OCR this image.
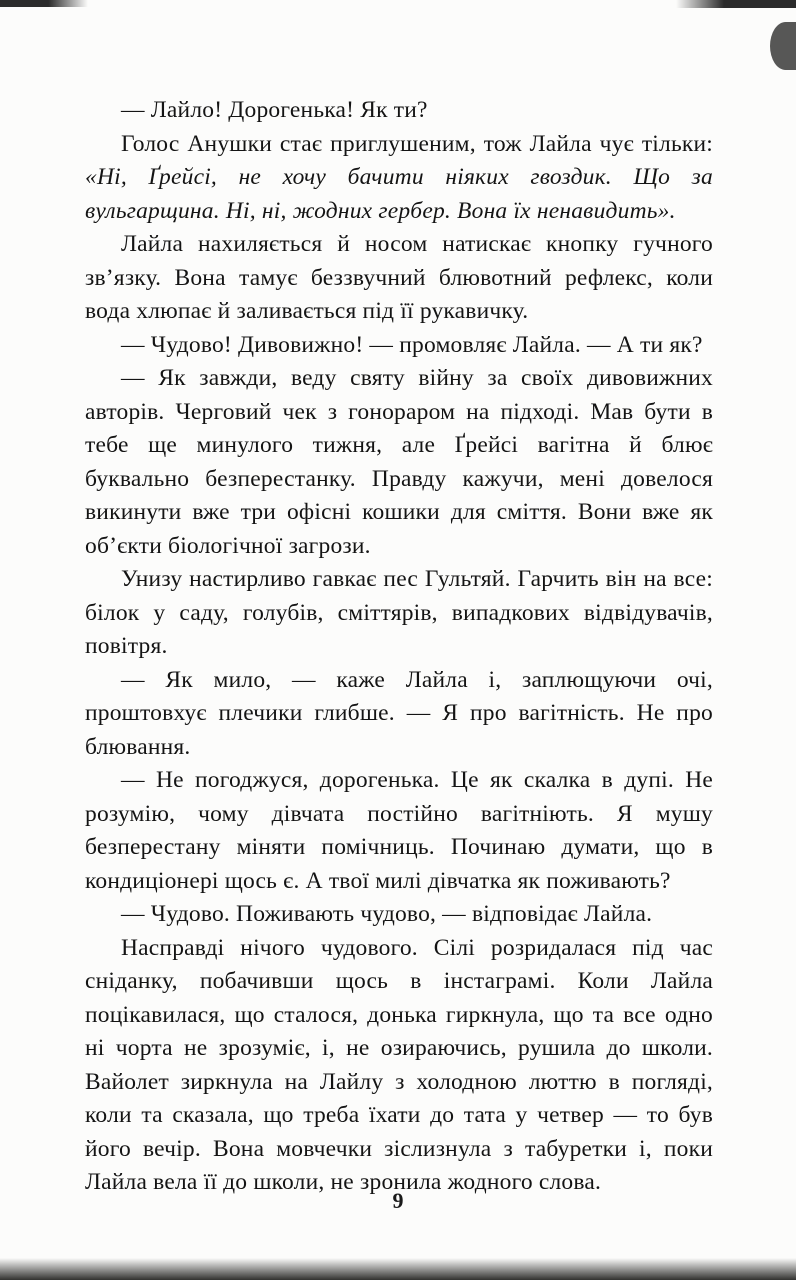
— Лайло! Дорогенька! Як ти?

Голос Анушки стає приглушеним, тож Лайла чує тільки: «Ні, Ґрейсі, не хочу бачити ніяких гвоздик. Що за вульгарщина. Ні, ні, жодних гербер. Вона їх ненавидить».

Лайла нахиляється й носом натискає кнопку гучного зв’язку. Вона тамує беззвучний блювотний рефлекс, коли вода хлюпає й заливається під її рукавичку.

— Чудово! Дивовижно! — промовляє Лайла. — А ти як?

— Як завжди, веду святу війну за своїх дивовижних авторів. Черговий чек з гонораром на підході. Мав бути в тебе ще минулого тижня, але Ґрейсі вагітна й блює буквально безперестанку. Правду кажучи, мені довелося викинути вже три офісні кошики для сміття. Вони вже як об’єкти біологічної загрози.

Унизу настирливо гавкає пес Гультяй. Гарчить він на все: білок у саду, голубів, сміттярів, випадкових відвідувачів, повітря.

— Як мило, — каже Лайла і, заплющуючи очі, проштовхує плечики глибше. — Я про вагітність. Не про блювання.

— Не погоджуся, дорогенька. Це як скалка в дупі. Не розумію, чому дівчата постійно вагітніють. Я мушу безперестану міняти помічниць. Починаю думати, що в кондиціонері щось є. А твої милі дівчатка як поживають?

— Чудово. Поживають чудово, — відповідає Лайла.

Насправді нічого чудового. Сілі розридалася під час сніданку, побачивши щось в інстаграмі. Коли Лайла поцікавилася, що сталося, донька гиркнула, що та все одно ні чорта не зрозуміє, і, не озираючись, рушила до школи. Вайолет зиркнула на Лайлу з холодною люттю в погляді, коли та сказала, що треба їхати до тата у четвер — то був його вечір. Вона мовчечки зіслизнула з табуретки і, поки Лайла вела її до школи, не зронила жодного слова.

9
